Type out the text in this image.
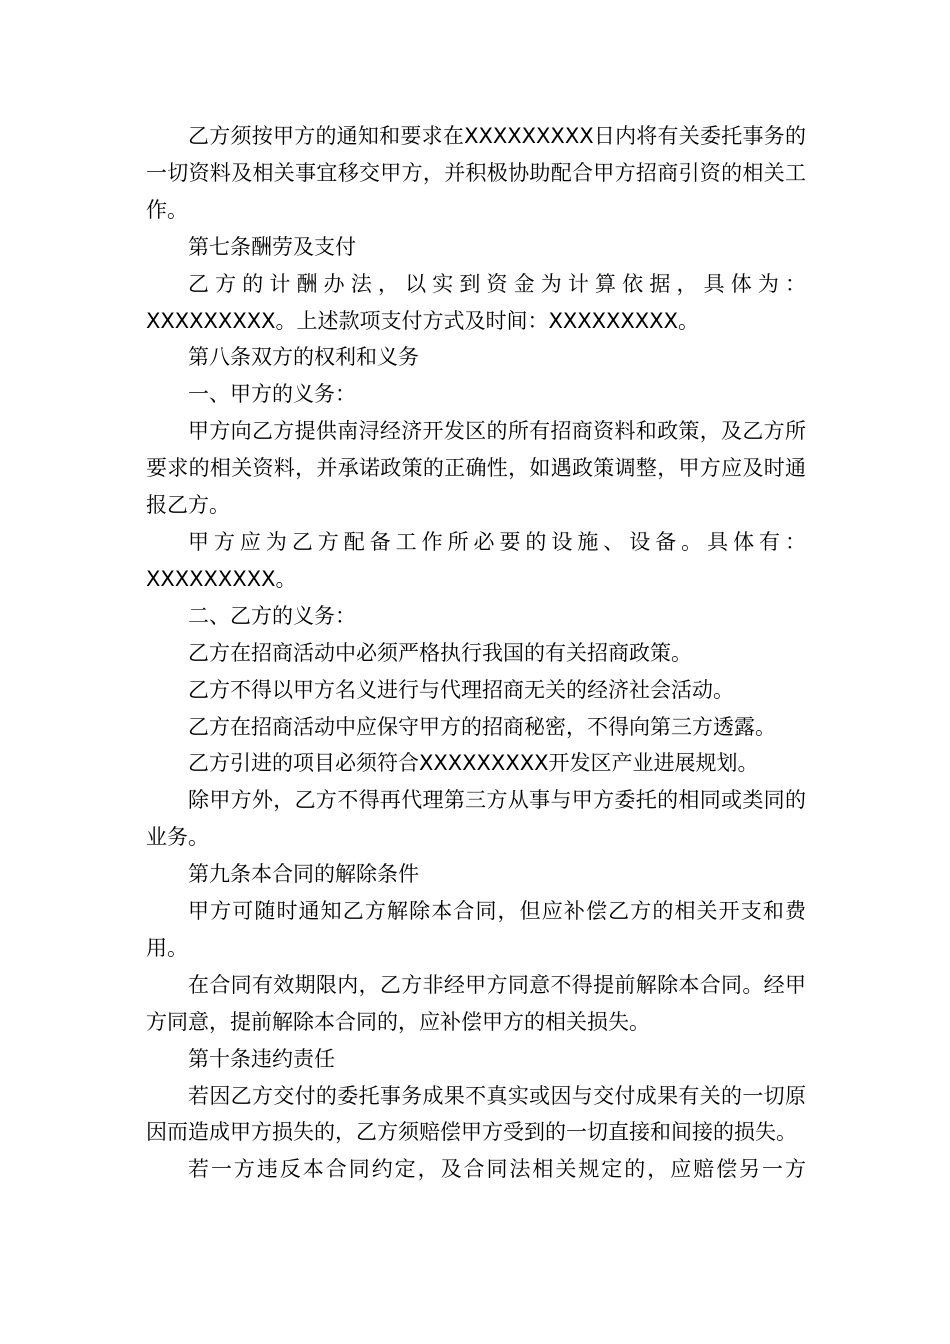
乙方须按甲方的通知和要求在XXXXXXXXX日内将有关委托事务的一切资料及相关事宜移交甲方，并积极协助配合甲方招商引资的相关工作。

第七条酬劳及支付

乙方的计酬办法，以实到资金为计算依据，具体为：XXXXXXXXX。上述款项支付方式及时间：XXXXXXXXX。

第八条双方的权利和义务

一、甲方的义务：

甲方向乙方提供南浔经济开发区的所有招商资料和政策，及乙方所要求的相关资料，并承诺政策的正确性，如遇政策调整，甲方应及时通报乙方。

甲方应为乙方配备工作所必要的设施、设备。具体有：XXXXXXXXX。

二、乙方的义务：

乙方在招商活动中必须严格执行我国的有关招商政策。

乙方不得以甲方名义进行与代理招商无关的经济社会活动。

乙方在招商活动中应保守甲方的招商秘密，不得向第三方透露。

乙方引进的项目必须符合XXXXXXXXX开发区产业进展规划。

除甲方外，乙方不得再代理第三方从事与甲方委托的相同或类同的业务。

第九条本合同的解除条件

甲方可随时通知乙方解除本合同，但应补偿乙方的相关开支和费用。

在合同有效期限内，乙方非经甲方同意不得提前解除本合同。经甲方同意，提前解除本合同的，应补偿甲方的相关损失。

第十条违约责任

若因乙方交付的委托事务成果不真实或因与交付成果有关的一切原因而造成甲方损失的，乙方须赔偿甲方受到的一切直接和间接的损失。

若一方违反本合同约定，及合同法相关规定的，应赔偿另一方
